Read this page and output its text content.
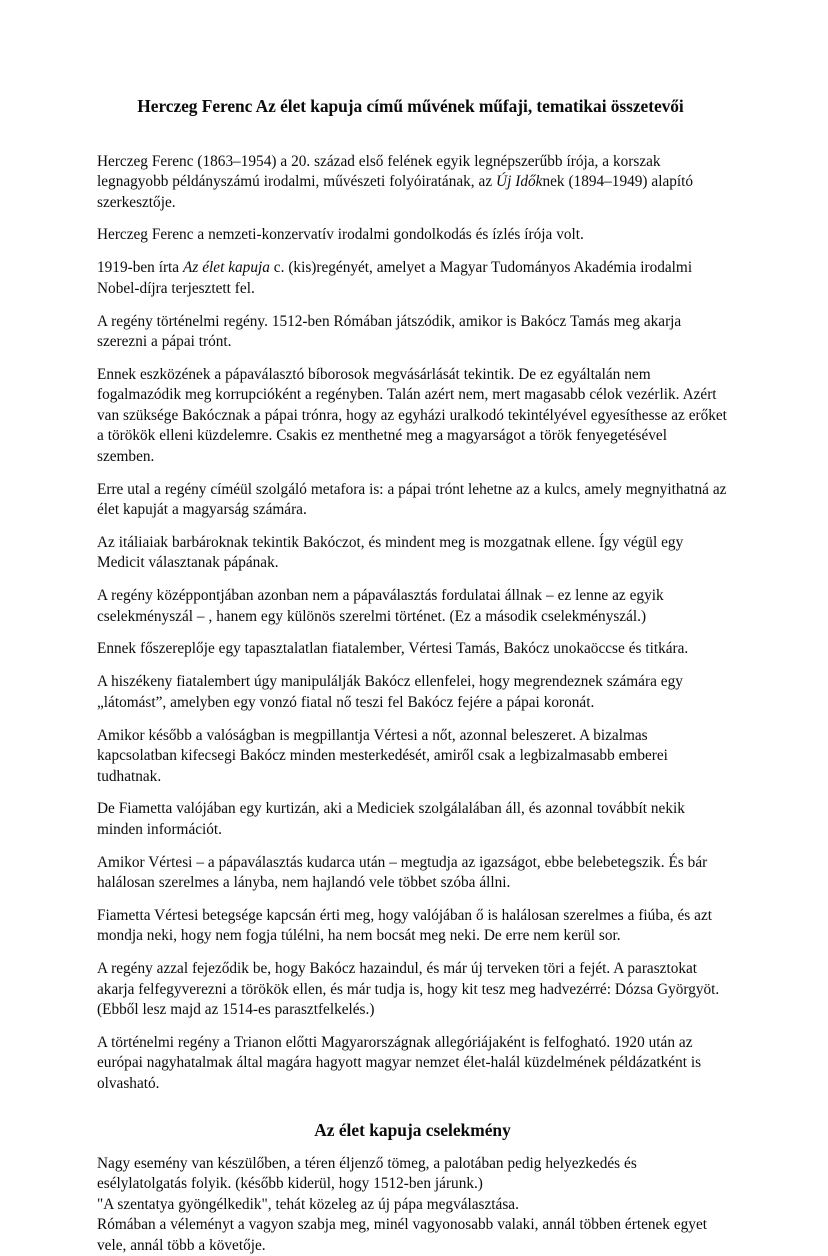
Herczeg Ferenc Az élet kapuja című művének műfaji, tematikai összetevői

Herczeg Ferenc (1863–1954) a 20. század első felének egyik legnépszerűbb írója, a korszak legnagyobb példányszámú irodalmi, művészeti folyóiratának, az Új Időknek (1894–1949) alapító szerkesztője.

Herczeg Ferenc a nemzeti-konzervatív irodalmi gondolkodás és ízlés írója volt.

1919-ben írta Az élet kapuja c. (kis)regényét, amelyet a Magyar Tudományos Akadémia irodalmi Nobel-díjra terjesztett fel.

A regény történelmi regény. 1512-ben Rómában játszódik, amikor is Bakócz Tamás meg akarja szerezni a pápai trónt.

Ennek eszközének a pápaválasztó bíborosok megvásárlását tekintik. De ez egyáltalán nem fogalmazódik meg korrupcióként a regényben. Talán azért nem, mert magasabb célok vezérlik. Azért van szüksége Bakócznak a pápai trónra, hogy az egyházi uralkodó tekintélyével egyesíthesse az erőket a törökök elleni küzdelemre. Csakis ez menthetné meg a magyarságot a török fenyegetésével szemben.

Erre utal a regény címéül szolgáló metafora is: a pápai trónt lehetne az a kulcs, amely megnyithatná az élet kapuját a magyarság számára.

Az itáliaiak barbároknak tekintik Bakóczot, és mindent meg is mozgatnak ellene. Így végül egy Medicit választanak pápának.

A regény középpontjában azonban nem a pápaválasztás fordulatai állnak – ez lenne az egyik cselekményszál – , hanem egy különös szerelmi történet. (Ez a második cselekményszál.)

Ennek főszereplője egy tapasztalatlan fiatalember, Vértesi Tamás, Bakócz unokaöccse és titkára.

A hiszékeny fiatalembert úgy manipulálják Bakócz ellenfelei, hogy megrendeznek számára egy „látomást”, amelyben egy vonzó fiatal nő teszi fel Bakócz fejére a pápai koronát.

Amikor később a valóságban is megpillantja Vértesi a nőt, azonnal beleszeret. A bizalmas kapcsolatban kifecsegi Bakócz minden mesterkedését, amiről csak a legbizalmasabb emberei tudhatnak.

De Fiametta valójában egy kurtizán, aki a Mediciek szolgálalában áll, és azonnal továbbít nekik minden információt.

Amikor Vértesi – a pápaválasztás kudarca után – megtudja az igazságot, ebbe belebetegszik. És bár halálosan szerelmes a lányba, nem hajlandó vele többet szóba állni.

Fiametta Vértesi betegsége kapcsán érti meg, hogy valójában ő is halálosan szerelmes a fiúba, és azt mondja neki, hogy nem fogja túlélni, ha nem bocsát meg neki. De erre nem kerül sor.

A regény azzal fejeződik be, hogy Bakócz hazaindul, és már új terveken töri a fejét. A parasztokat akarja felfegyverezni a törökök ellen, és már tudja is, hogy kit tesz meg hadvezérré: Dózsa Györgyöt. (Ebből lesz majd az 1514-es parasztfelkelés.)

A történelmi regény a Trianon előtti Magyarországnak allegóriájaként is felfogható. 1920 után az európai nagyhatalmak által magára hagyott magyar nemzet élet-halál küzdelmének példázatként is olvasható.

Az élet kapuja cselekmény

Nagy esemény van készülőben, a téren éljenző tömeg, a palotában pedig helyezkedés és esélylatolgatás folyik. (később kiderül, hogy 1512-ben járunk.)

"A szentatya gyöngélkedik", tehát közeleg az új pápa megválasztása.

Rómában a véleményt a vagyon szabja meg, minél vagyonosabb valaki, annál többen értenek egyet vele, annál több a követője.
